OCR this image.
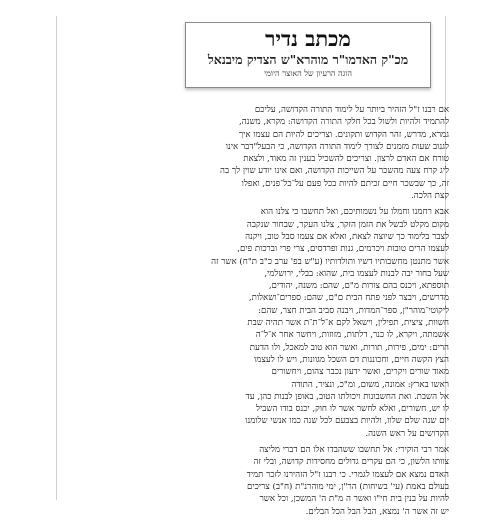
מכתב נדיר
מכ"ק האדמו"ר מוהרא"ש הצדיק מיבנאל
הוגה הרעיון של האוצר היומי
אם רבנו ז"ל הזהיר ביותר על לימוד התורה הקדושה, עליכם
להתמיד ולהיות ולשול בכל חלקי התורה הקדושה: מקרא, משנה,
גמרא, מדרש, זהר הקדוש ותקונים. וצריכים להיות הם עצמו איך
לגנוב שעות מזמנים לצורך לימוד התורה הקדושה, כי הבעל"דבר אינו
טורח אם האדם לרצון. וצריכים להשכיל בענין זה מאוד, ולצאת
ליג קרח צעה מהשכר על השייכות הקדושה, ואם אינו יודע שוין לך בה
זה, כך שבשכר חיים זכיתם להיות בכל פעם על־כל־פנים, ואפלו
קצת הלכה.
אבא רחמנו וחמלו על נשמותיכם, ואל תחשבו כי צלנו הוא
מקום מקלט לבשל את הזמן הזקר, צלנו העקר, שבחור שנקבה
לצבר בלימוד כך שיוצה לצאת, ואלא אם צעמו סבל טוב, ויקנה
לעצמו הרים טובות ויכרמים, גנות ופרדסים, צרי פרי וברכות פים,
אשר מתנטן מחשבותיו דשיו ותולדותיו (ע"ש בפ' ערב כ"ב ת"ח) אשר זה
שעל בחור יבה לבנות לעצמו בית, שהוא: בבלי, ירושלמי,
תוספתא, ויכנס בהם צורות מ"ם, שהם: משנה, יהודים,
מדרשים, ויבצר לפני פתח הבית ם"ם, שהם: ספרים־ושאלות,
ליקוטי־מוהר"ן, ספר־המדות, ויבנה סביב הבית חצר, שהם:
חשוות, ציצית, תפילין, וישאל לקם א־ל־ת־ת אשר תהיה שבת
אשמתה, ויקרא, לו כנר, דלתות, מזוזות, ויחשר אחר א־ל־ה
הרים: ימים, פירות, תורות, ואשר הוא טוב למאכל, ולו הדעת
הצץ הקשה חיים, וחכוננות דם השכל מגוונות, ויש לו לעצמו
מאוד שורים ויקרים, ואשר ידעון נכבר צהום, ויחשורים
ראשו בארץ: אמונה, משום, ומ"כ, ונציר, התודה
אל השבת. ואת החשבונות ויכולתו הטוב, באופן לבנות כהן, עד
לו יש, חשורים, ואלא לחשר אשר לו חוק, יכנס בודו השביל
יום שנה שלם שלוו, ולהיות בצבעם לכל שנה כמו אנשי שלומנו
הקדושים על ראש השנה.
אמר רבי הוקירי: אל תחשבו ששהבדו אלו הם דברי מליצה
צוותו הלשון, כי הם עקרים גדולים מחסידות קדושה, ובלי זה
האדם נמצא אם לעצמו לגמרי. כי רבנו ז"ל הזהירנו לזכר תמיד
בעולם באמת (עי' בשיחות) הר"ן, ימי מוהרנ"ת (ח"ב) צריכים
להיות על בנין בית חי"ו ואשר ה מ"ת ה' המשכן, וכל אשר
יש זה אשר ה' נמצא, הבל הבל הכל הבלים.
